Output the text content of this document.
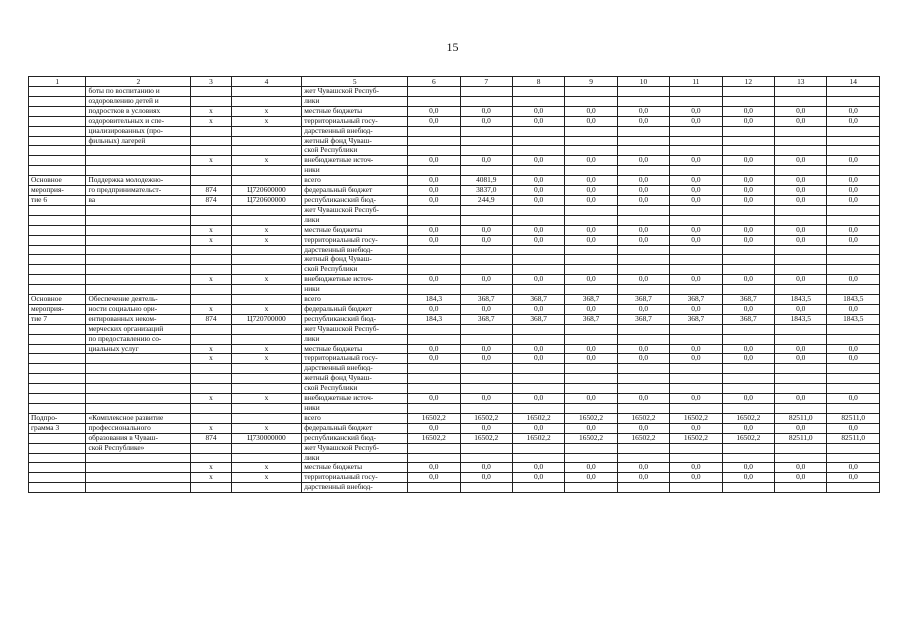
15
1	2	3	4	5	6	7	8	9	10	11	12	13	14
	боты по воспитанию и			жет Чувашской Респуб-									
	оздоровлению детей и			лики									
	подростков в условиях	х	х	местные бюджеты	0,0	0,0	0,0	0,0	0,0	0,0	0,0	0,0	0,0
	оздоровительных и спе-	х	х	территориальный госу-	0,0	0,0	0,0	0,0	0,0	0,0	0,0	0,0	0,0
	циализированных (про-			дарственный внебюд-									
	фильных) лагерей			жетный фонд Чуваш-									
				ской Республики									
		х	х	внебюджетные источ-	0,0	0,0	0,0	0,0	0,0	0,0	0,0	0,0	0,0
				ники									
Основное	Поддержка молодежно-			всего	0,0	4081,9	0,0	0,0	0,0	0,0	0,0	0,0	0,0
мероприя-	го предпринимательст-	874	Ц720600000	федеральный бюджет	0,0	3837,0	0,0	0,0	0,0	0,0	0,0	0,0	0,0
тие 6	ва	874	Ц720600000	республиканский бюд-	0,0	244,9	0,0	0,0	0,0	0,0	0,0	0,0	0,0
				жет Чувашской Респуб-									
				лики									
		х	х	местные бюджеты	0,0	0,0	0,0	0,0	0,0	0,0	0,0	0,0	0,0
		х	х	территориальный госу-	0,0	0,0	0,0	0,0	0,0	0,0	0,0	0,0	0,0
				дарственный внебюд-									
				жетный фонд Чуваш-									
				ской Республики									
		х	х	внебюджетные источ-	0,0	0,0	0,0	0,0	0,0	0,0	0,0	0,0	0,0
				ники									
Основное	Обеспечение деятель-			всего	184,3	368,7	368,7	368,7	368,7	368,7	368,7	1843,5	1843,5
мероприя-	ности социально ори-	х	х	федеральный бюджет	0,0	0,0	0,0	0,0	0,0	0,0	0,0	0,0	0,0
тие 7	ентированных неком-	874	Ц720700000	республиканский бюд-	184,3	368,7	368,7	368,7	368,7	368,7	368,7	1843,5	1843,5
	мерческих организаций			жет Чувашской Респуб-									
	по предоставлению со-			лики									
	циальных услуг	х	х	местные бюджеты	0,0	0,0	0,0	0,0	0,0	0,0	0,0	0,0	0,0
		х	х	территориальный госу-	0,0	0,0	0,0	0,0	0,0	0,0	0,0	0,0	0,0
				дарственный внебюд-									
				жетный фонд Чуваш-									
				ской Республики									
		х	х	внебюджетные источ-	0,0	0,0	0,0	0,0	0,0	0,0	0,0	0,0	0,0
				ники									
Подпро-	«Комплексное развитие			всего	16502,2	16502,2	16502,2	16502,2	16502,2	16502,2	16502,2	82511,0	82511,0
грамма 3	профессионального	х	х	федеральный бюджет	0,0	0,0	0,0	0,0	0,0	0,0	0,0	0,0	0,0
	образования в Чуваш-	874	Ц730000000	республиканский бюд-	16502,2	16502,2	16502,2	16502,2	16502,2	16502,2	16502,2	82511,0	82511,0
	ской Республике»			жет Чувашской Респуб-									
				лики									
		х	х	местные бюджеты	0,0	0,0	0,0	0,0	0,0	0,0	0,0	0,0	0,0
		х	х	территориальный госу-	0,0	0,0	0,0	0,0	0,0	0,0	0,0	0,0	0,0
				дарственный внебюд-									
